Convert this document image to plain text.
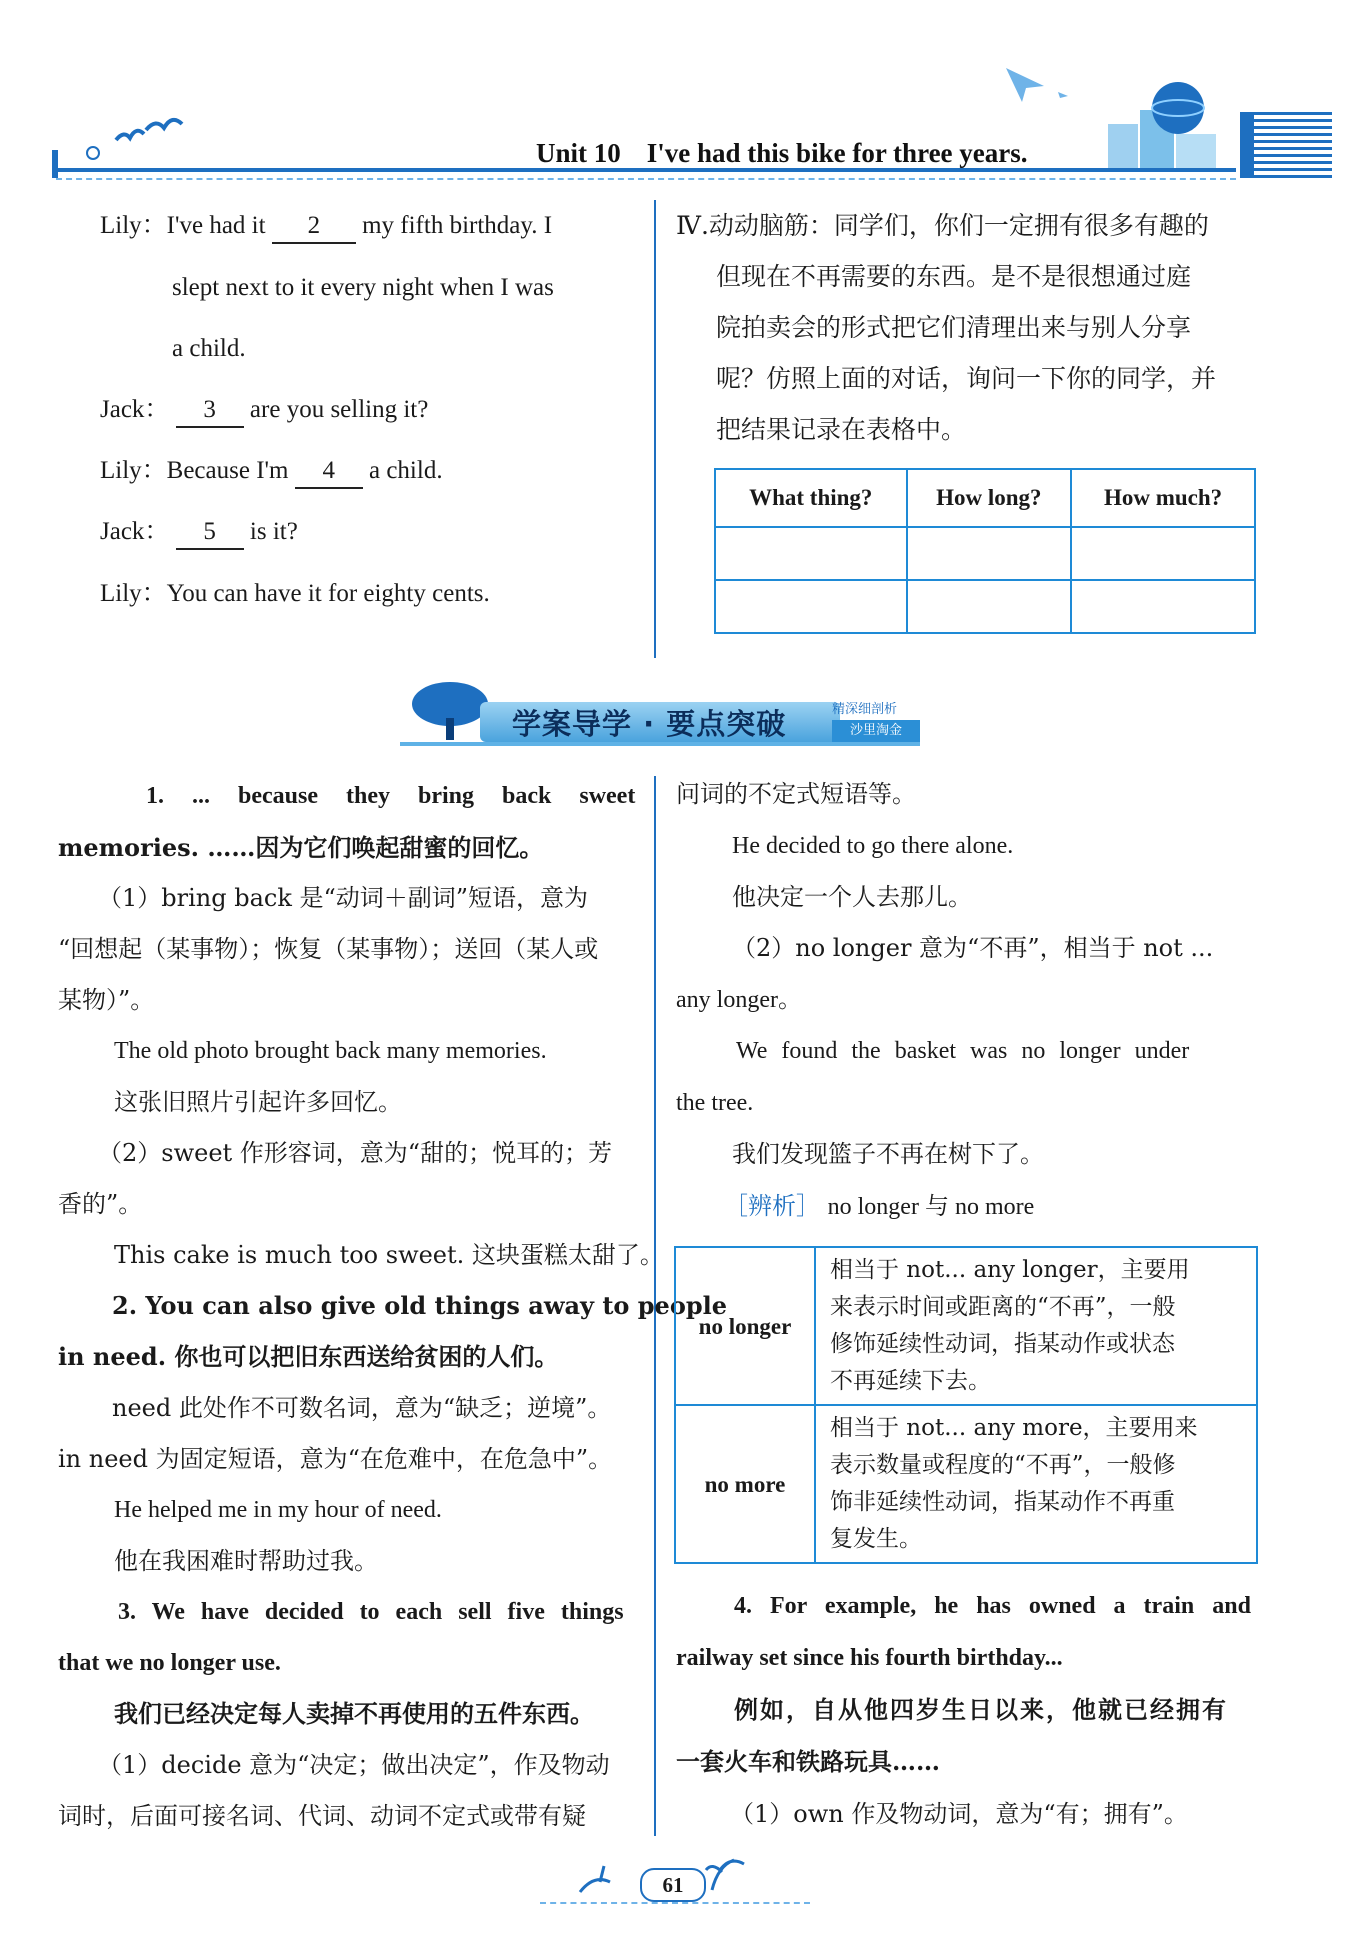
Unit 10 I've had this bike for three years.
Lily：I've had it 2 my fifth birthday. I
slept next to it every night when I was
a child.
Jack： 3 are you selling it?
Lily：Because I'm 4 a child.
Jack： 5 is it?
Lily：You can have it for eighty cents.
Ⅳ.动动脑筋：同学们，你们一定拥有很多有趣的
但现在不再需要的东西。是不是很想通过庭
院拍卖会的形式把它们清理出来与别人分享
呢？仿照上面的对话，询问一下你的同学，并
把结果记录在表格中。
What thing?	How long?	How much?

学案导学 · 要点突破	精深细剖析
沙里淘金
1. ... because they bring back sweet
memories. ……因为它们唤起甜蜜的回忆。
（1）bring back 是“动词＋副词”短语，意为
“回想起（某事物）；恢复（某事物）；送回（某人或
某物）”。
The old photo brought back many memories.
这张旧照片引起许多回忆。
（2）sweet 作形容词，意为“甜的；悦耳的；芳
香的”。
This cake is much too sweet. 这块蛋糕太甜了。
2. You can also give old things away to people
in need. 你也可以把旧东西送给贫困的人们。
need 此处作不可数名词，意为“缺乏；逆境”。
in need 为固定短语，意为“在危难中，在危急中”。
He helped me in my hour of need.
他在我困难时帮助过我。
3. We have decided to each sell five things
that we no longer use.
我们已经决定每人卖掉不再使用的五件东西。
（1）decide 意为“决定；做出决定”，作及物动
词时，后面可接名词、代词、动词不定式或带有疑
问词的不定式短语等。
He decided to go there alone.
他决定一个人去那儿。
（2）no longer 意为“不再”，相当于 not ...
any longer。
We found the basket was no longer under
the tree.
我们发现篮子不再在树下了。
［辨析］ no longer 与 no more
no longer	相当于 not... any longer，主要用
来表示时间或距离的“不再”，一般
修饰延续性动词，指某动作或状态
不再延续下去。

no more	相当于 not... any more，主要用来
表示数量或程度的“不再”，一般修
饰非延续性动词，指某动作不再重
复发生。
4. For example, he has owned a train and
railway set since his fourth birthday...
例如，自从他四岁生日以来，他就已经拥有
一套火车和铁路玩具……
（1）own 作及物动词，意为“有；拥有”。
61
